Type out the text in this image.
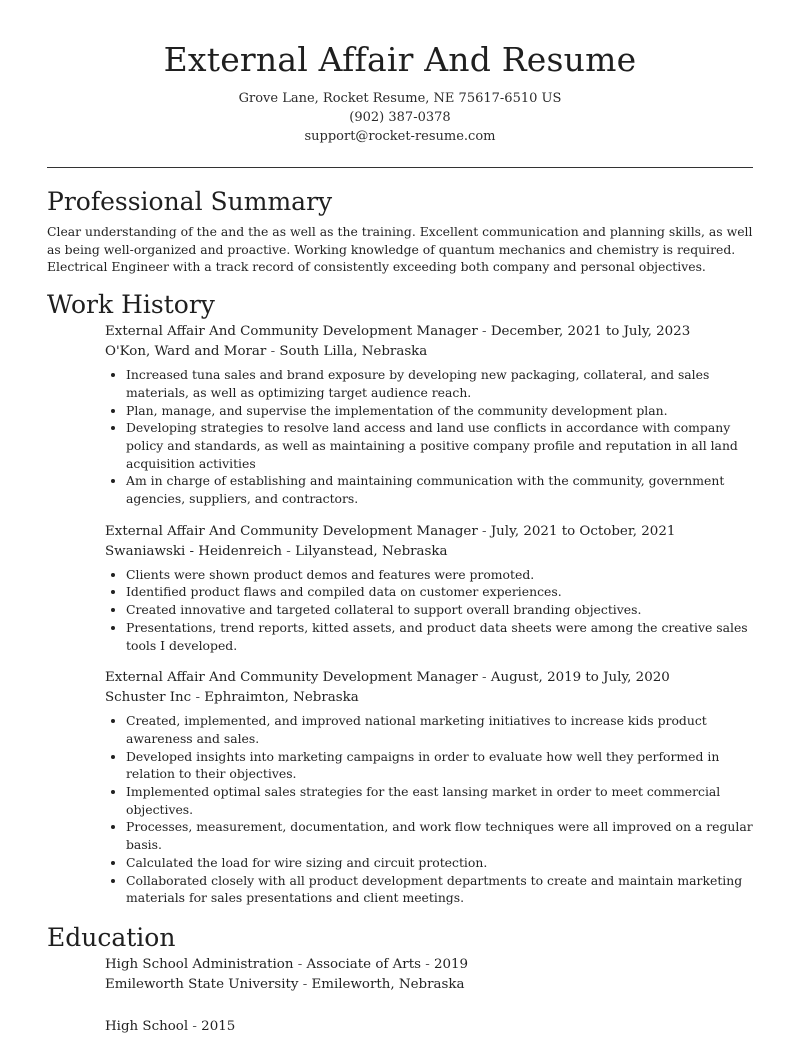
External Affair And Resume
Grove Lane, Rocket Resume, NE 75617-6510 US
(902) 387-0378
support@rocket-resume.com
Professional Summary

Clear understanding of the and the as well as the training. Excellent communication and planning skills, as well as being well-organized and proactive. Working knowledge of quantum mechanics and chemistry is required. Electrical Engineer with a track record of consistently exceeding both company and personal objectives.

Work History
External Affair And Community Development Manager - December, 2021 to July, 2023
O'Kon, Ward and Morar - South Lilla, Nebraska
• Increased tuna sales and brand exposure by developing new packaging, collateral, and sales materials, as well as optimizing target audience reach.
• Plan, manage, and supervise the implementation of the community development plan.
• Developing strategies to resolve land access and land use conflicts in accordance with company policy and standards, as well as maintaining a positive company profile and reputation in all land acquisition activities
• Am in charge of establishing and maintaining communication with the community, government agencies, suppliers, and contractors.
External Affair And Community Development Manager - July, 2021 to October, 2021
Swaniawski - Heidenreich - Lilyanstead, Nebraska
• Clients were shown product demos and features were promoted.
• Identified product flaws and compiled data on customer experiences.
• Created innovative and targeted collateral to support overall branding objectives.
• Presentations, trend reports, kitted assets, and product data sheets were among the creative sales tools I developed.
External Affair And Community Development Manager - August, 2019 to July, 2020
Schuster Inc - Ephraimton, Nebraska
• Created, implemented, and improved national marketing initiatives to increase kids product awareness and sales.
• Developed insights into marketing campaigns in order to evaluate how well they performed in relation to their objectives.
• Implemented optimal sales strategies for the east lansing market in order to meet commercial objectives.
• Processes, measurement, documentation, and work flow techniques were all improved on a regular basis.
• Calculated the load for wire sizing and circuit protection.
• Collaborated closely with all product development departments to create and maintain marketing materials for sales presentations and client meetings.
Education
High School Administration - Associate of Arts - 2019
Emileworth State University - Emileworth, Nebraska
High School - 2015
